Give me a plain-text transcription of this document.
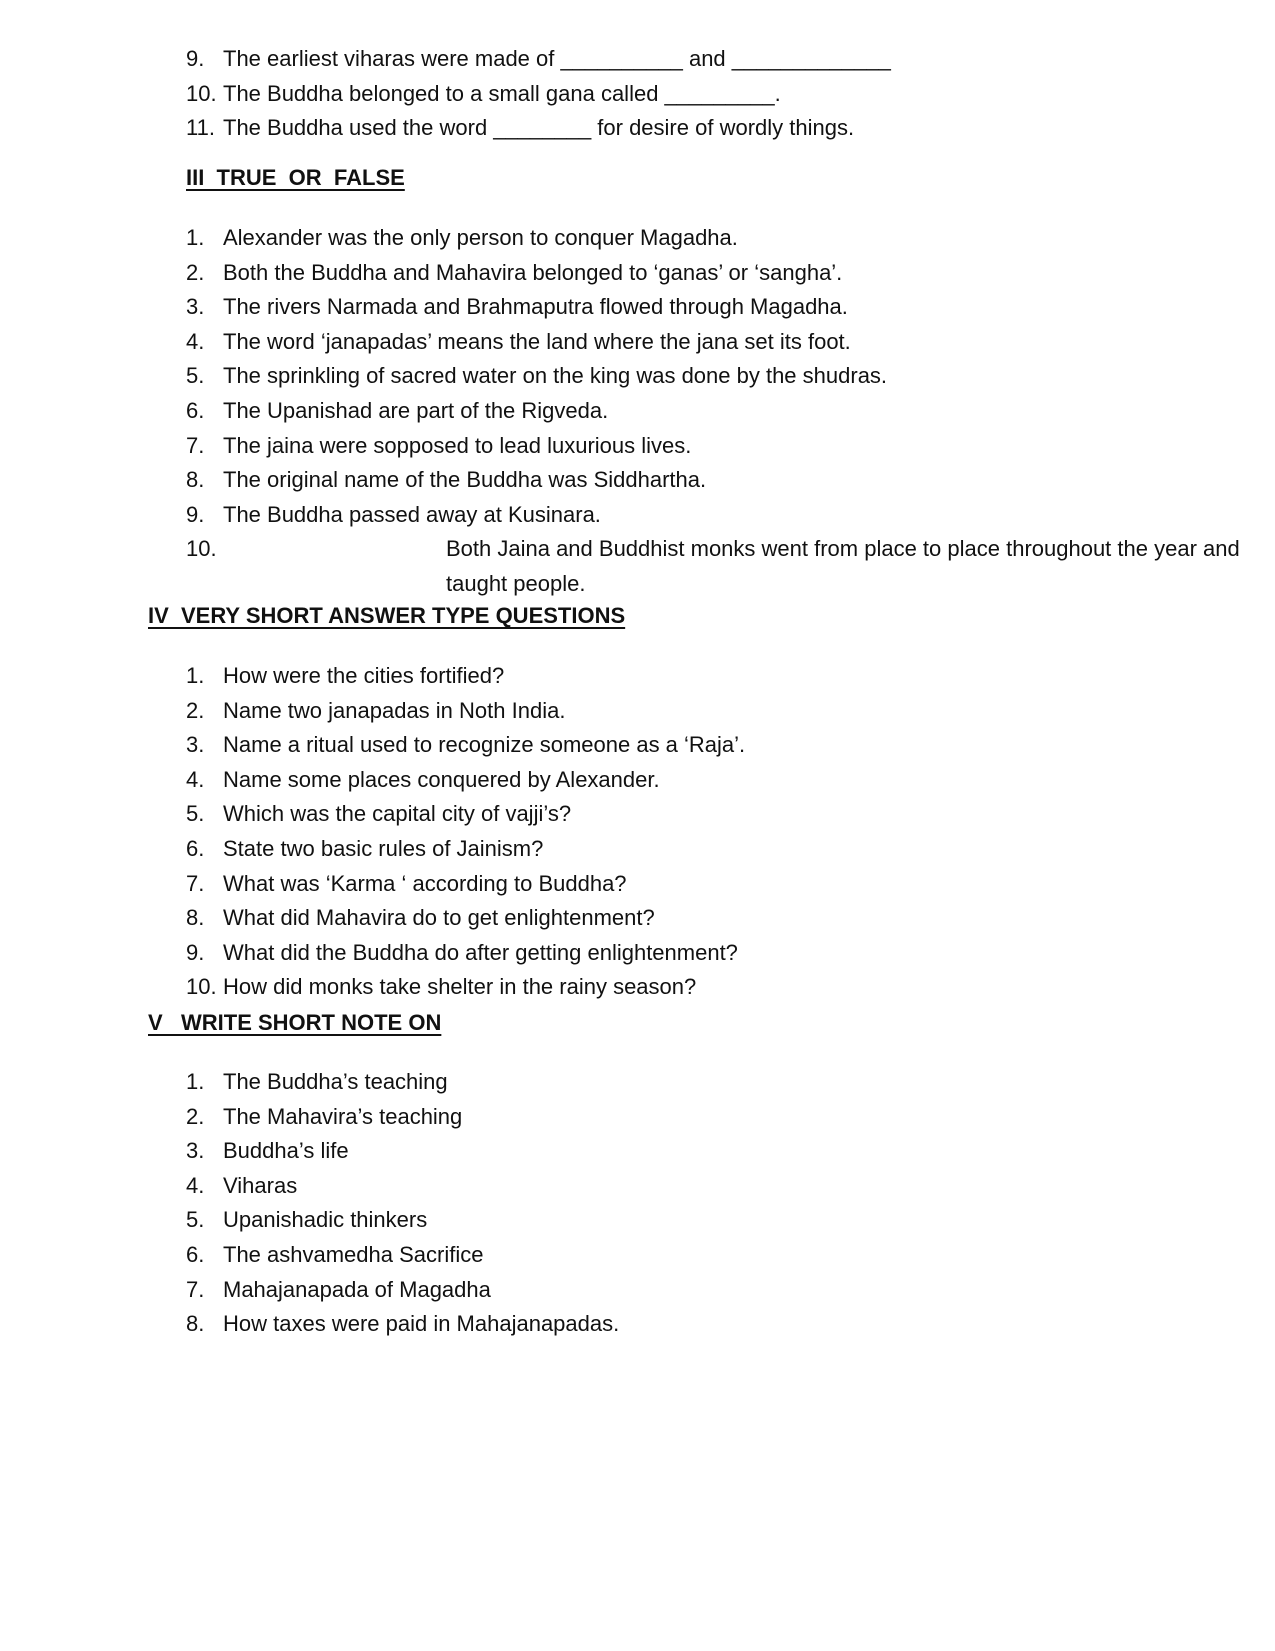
9. The earliest viharas were made of __________ and _____________
10. The Buddha belonged to a small gana called _________.
11. The Buddha used the word ________ for desire of wordly things.
III  TRUE  OR  FALSE
1. Alexander was the only person to conquer Magadha.
2. Both the Buddha and Mahavira belonged to ‘ganas’ or ‘sangha’.
3. The rivers Narmada and Brahmaputra flowed through Magadha.
4. The word ‘janapadas’ means the land where the jana set its foot.
5. The sprinkling of sacred water on the king was done by the shudras.
6. The Upanishad are part of the Rigveda.
7. The jaina were sopposed to lead luxurious lives.
8. The original name of the Buddha was Siddhartha.
9. The Buddha passed away at Kusinara.
10.	Both Jaina and Buddhist monks went from place to place throughout the year and taught people.
IV  VERY SHORT ANSWER TYPE QUESTIONS
1. How were the cities fortified?
2. Name two janapadas in Noth India.
3. Name a ritual used to recognize someone as a ‘Raja’.
4. Name some places conquered by Alexander.
5. Which was the capital city of vajji’s?
6. State two basic rules of Jainism?
7. What was ‘Karma ‘ according to Buddha?
8. What did Mahavira do to get enlightenment?
9. What did the Buddha do after getting enlightenment?
10. How did monks take shelter in the rainy season?
V   WRITE SHORT NOTE ON
1. The Buddha’s teaching
2. The Mahavira’s teaching
3. Buddha’s life
4. Viharas
5. Upanishadic thinkers
6. The ashvamedha Sacrifice
7. Mahajanapada of Magadha
8. How taxes were paid in Mahajanapadas.
